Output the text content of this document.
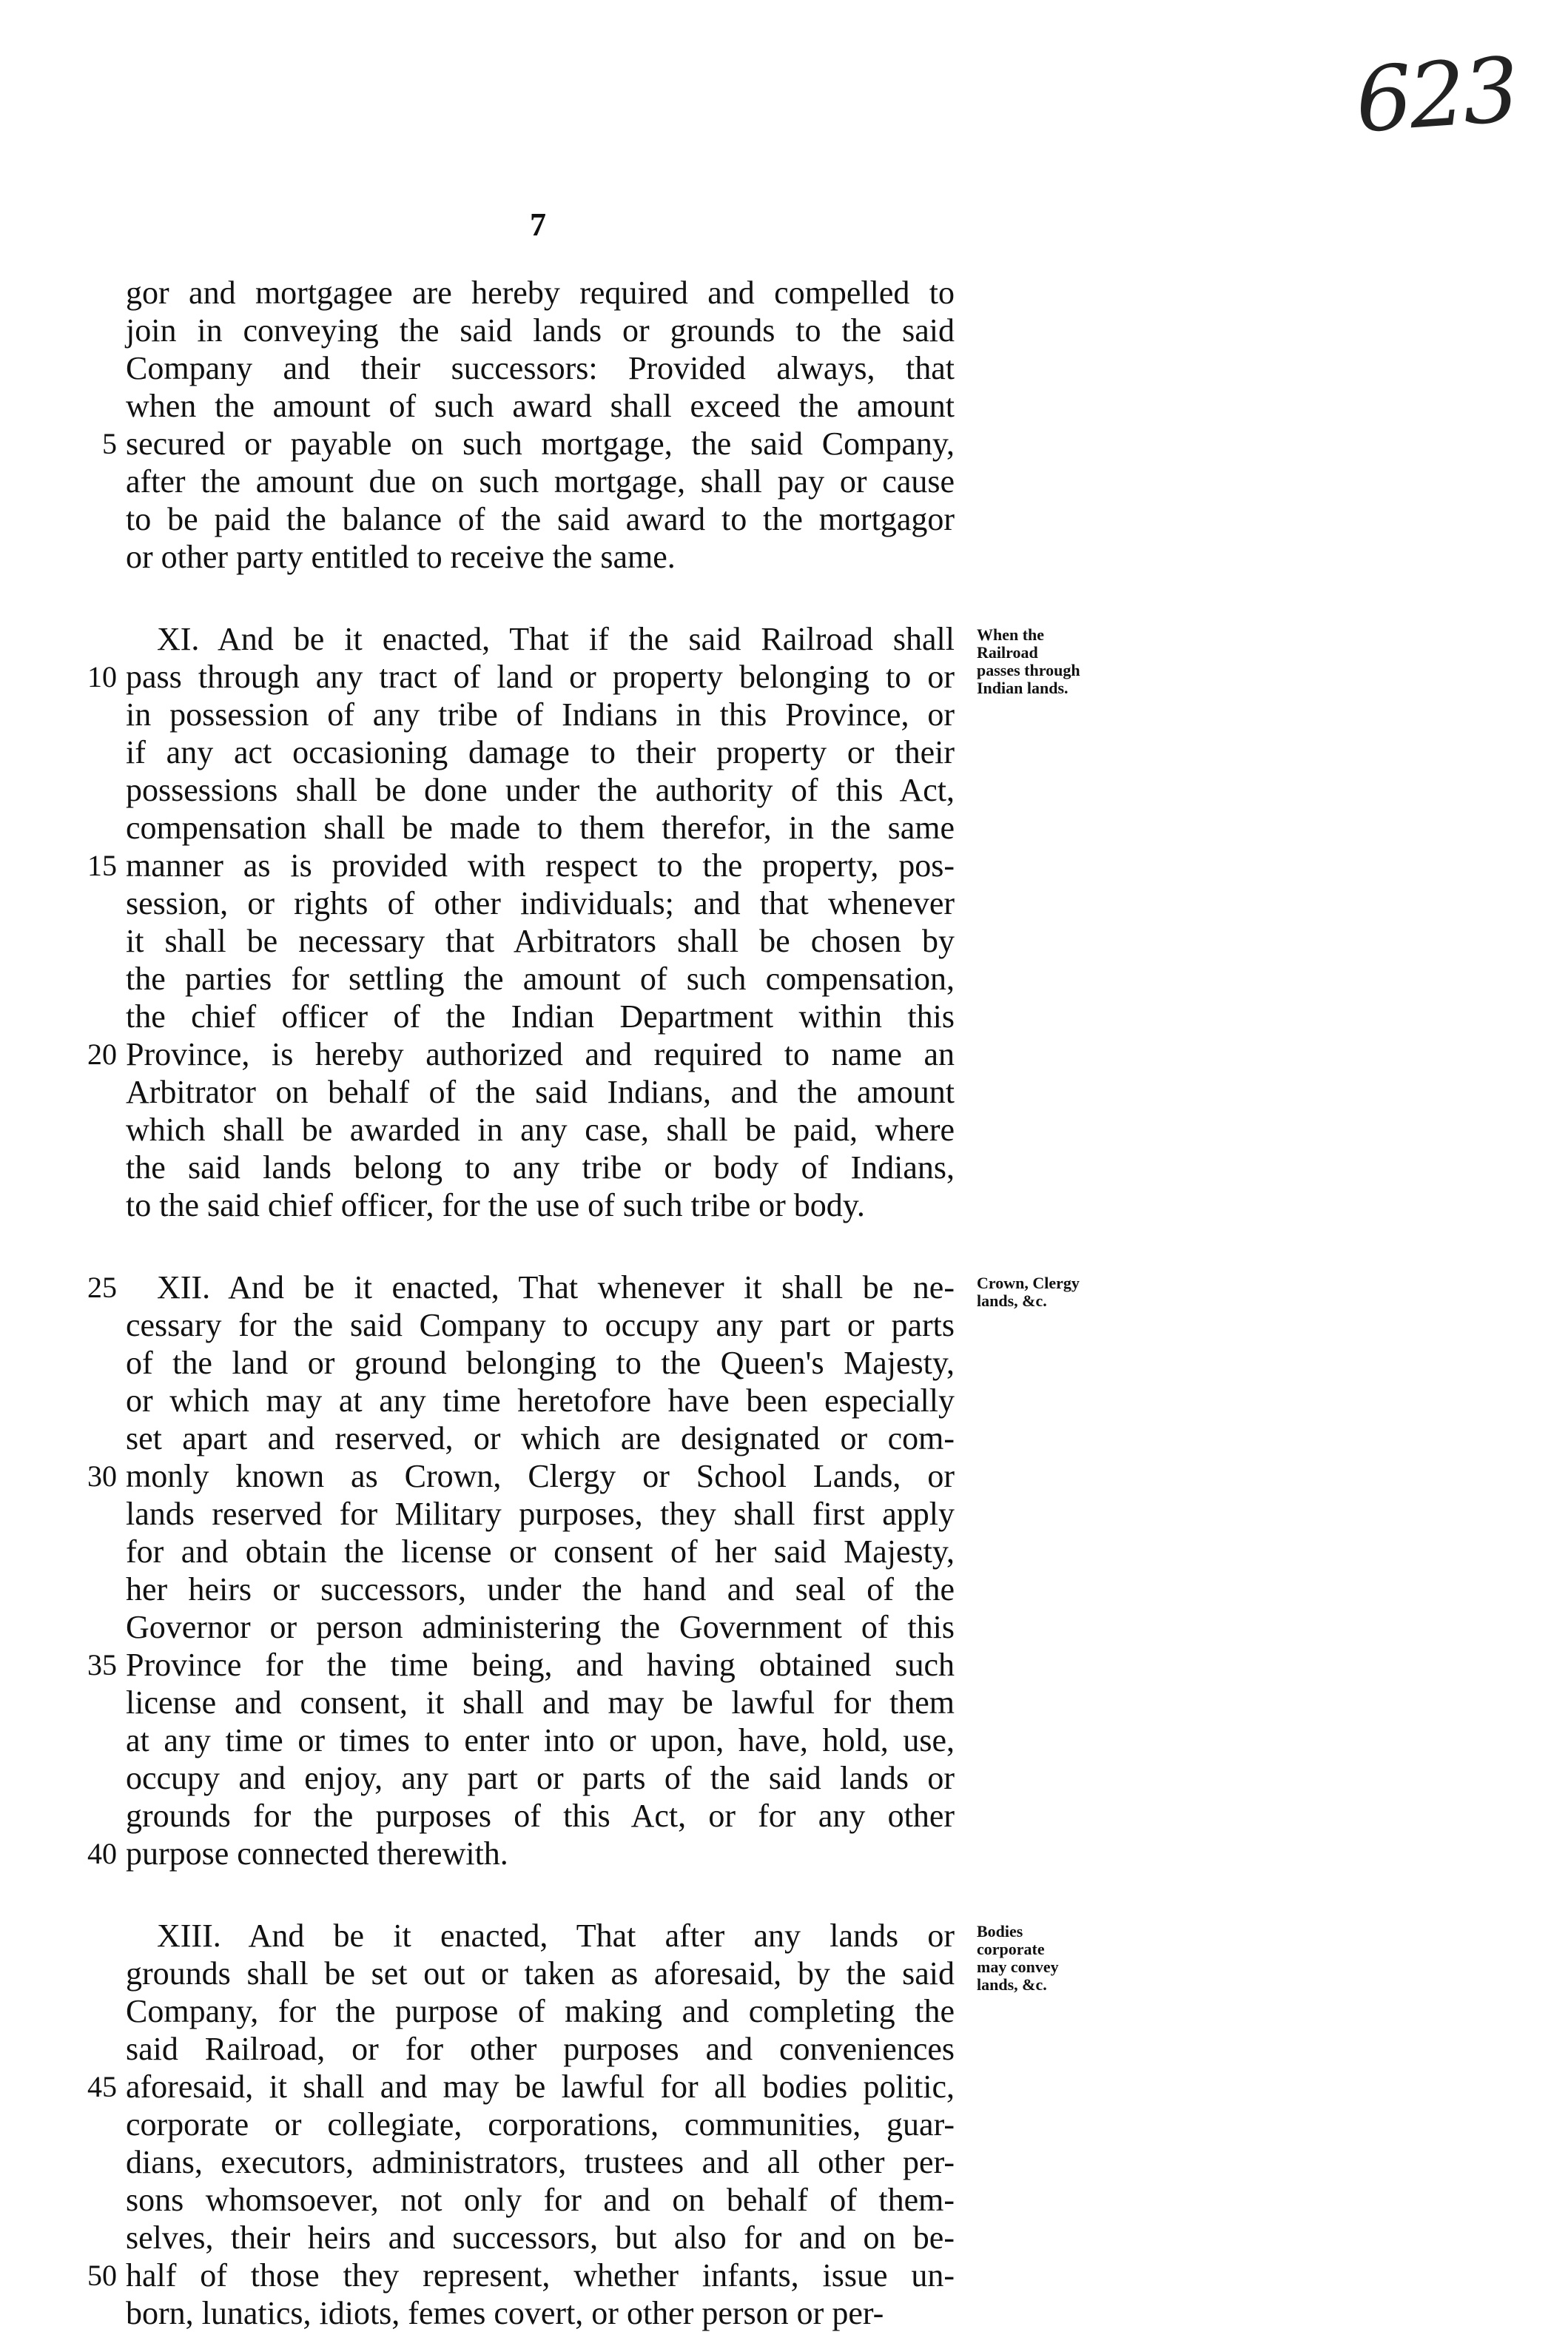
623
7
gor and mortgagee are hereby required and compelled to
join in conveying the said lands or grounds to the said
Company and their successors: Provided always, that
when the amount of such award shall exceed the amount
5 secured or payable on such mortgage, the said Company,
after the amount due on such mortgage, shall pay or cause
to be paid the balance of the said award to the mortgagor
or other party entitled to receive the same.
XI. And be it enacted, That if the said Railroad shall
10 pass through any tract of land or property belonging to or
in possession of any tribe of Indians in this Province, or
if any act occasioning damage to their property or their
possessions shall be done under the authority of this Act,
compensation shall be made to them therefor, in the same
15 manner as is provided with respect to the property, pos-
session, or rights of other individuals; and that whenever
it shall be necessary that Arbitrators shall be chosen by
the parties for settling the amount of such compensation,
the chief officer of the Indian Department within this
20 Province, is hereby authorized and required to name an
Arbitrator on behalf of the said Indians, and the amount
which shall be awarded in any case, shall be paid, where
the said lands belong to any tribe or body of Indians,
to the said chief officer, for the use of such tribe or body.
When the
Railroad
passes through
Indian lands.
25 XII. And be it enacted, That whenever it shall be ne-
cessary for the said Company to occupy any part or parts
of the land or ground belonging to the Queen's Majesty,
or which may at any time heretofore have been especially
set apart and reserved, or which are designated or com-
30 monly known as Crown, Clergy or School Lands, or
lands reserved for Military purposes, they shall first apply
for and obtain the license or consent of her said Majesty,
her heirs or successors, under the hand and seal of the
Governor or person administering the Government of this
35 Province for the time being, and having obtained such
license and consent, it shall and may be lawful for them
at any time or times to enter into or upon, have, hold, use,
occupy and enjoy, any part or parts of the said lands or
grounds for the purposes of this Act, or for any other
40 purpose connected therewith.
Crown, Clergy
lands, &c.
XIII. And be it enacted, That after any lands or
grounds shall be set out or taken as aforesaid, by the said
Company, for the purpose of making and completing the
said Railroad, or for other purposes and conveniences
45 aforesaid, it shall and may be lawful for all bodies politic,
corporate or collegiate, corporations, communities, guar-
dians, executors, administrators, trustees and all other per-
sons whomsoever, not only for and on behalf of them-
selves, their heirs and successors, but also for and on be-
50 half of those they represent, whether infants, issue un-
born, lunatics, idiots, femes covert, or other person or per-
Bodies
corporate
may convey
lands, &c.
